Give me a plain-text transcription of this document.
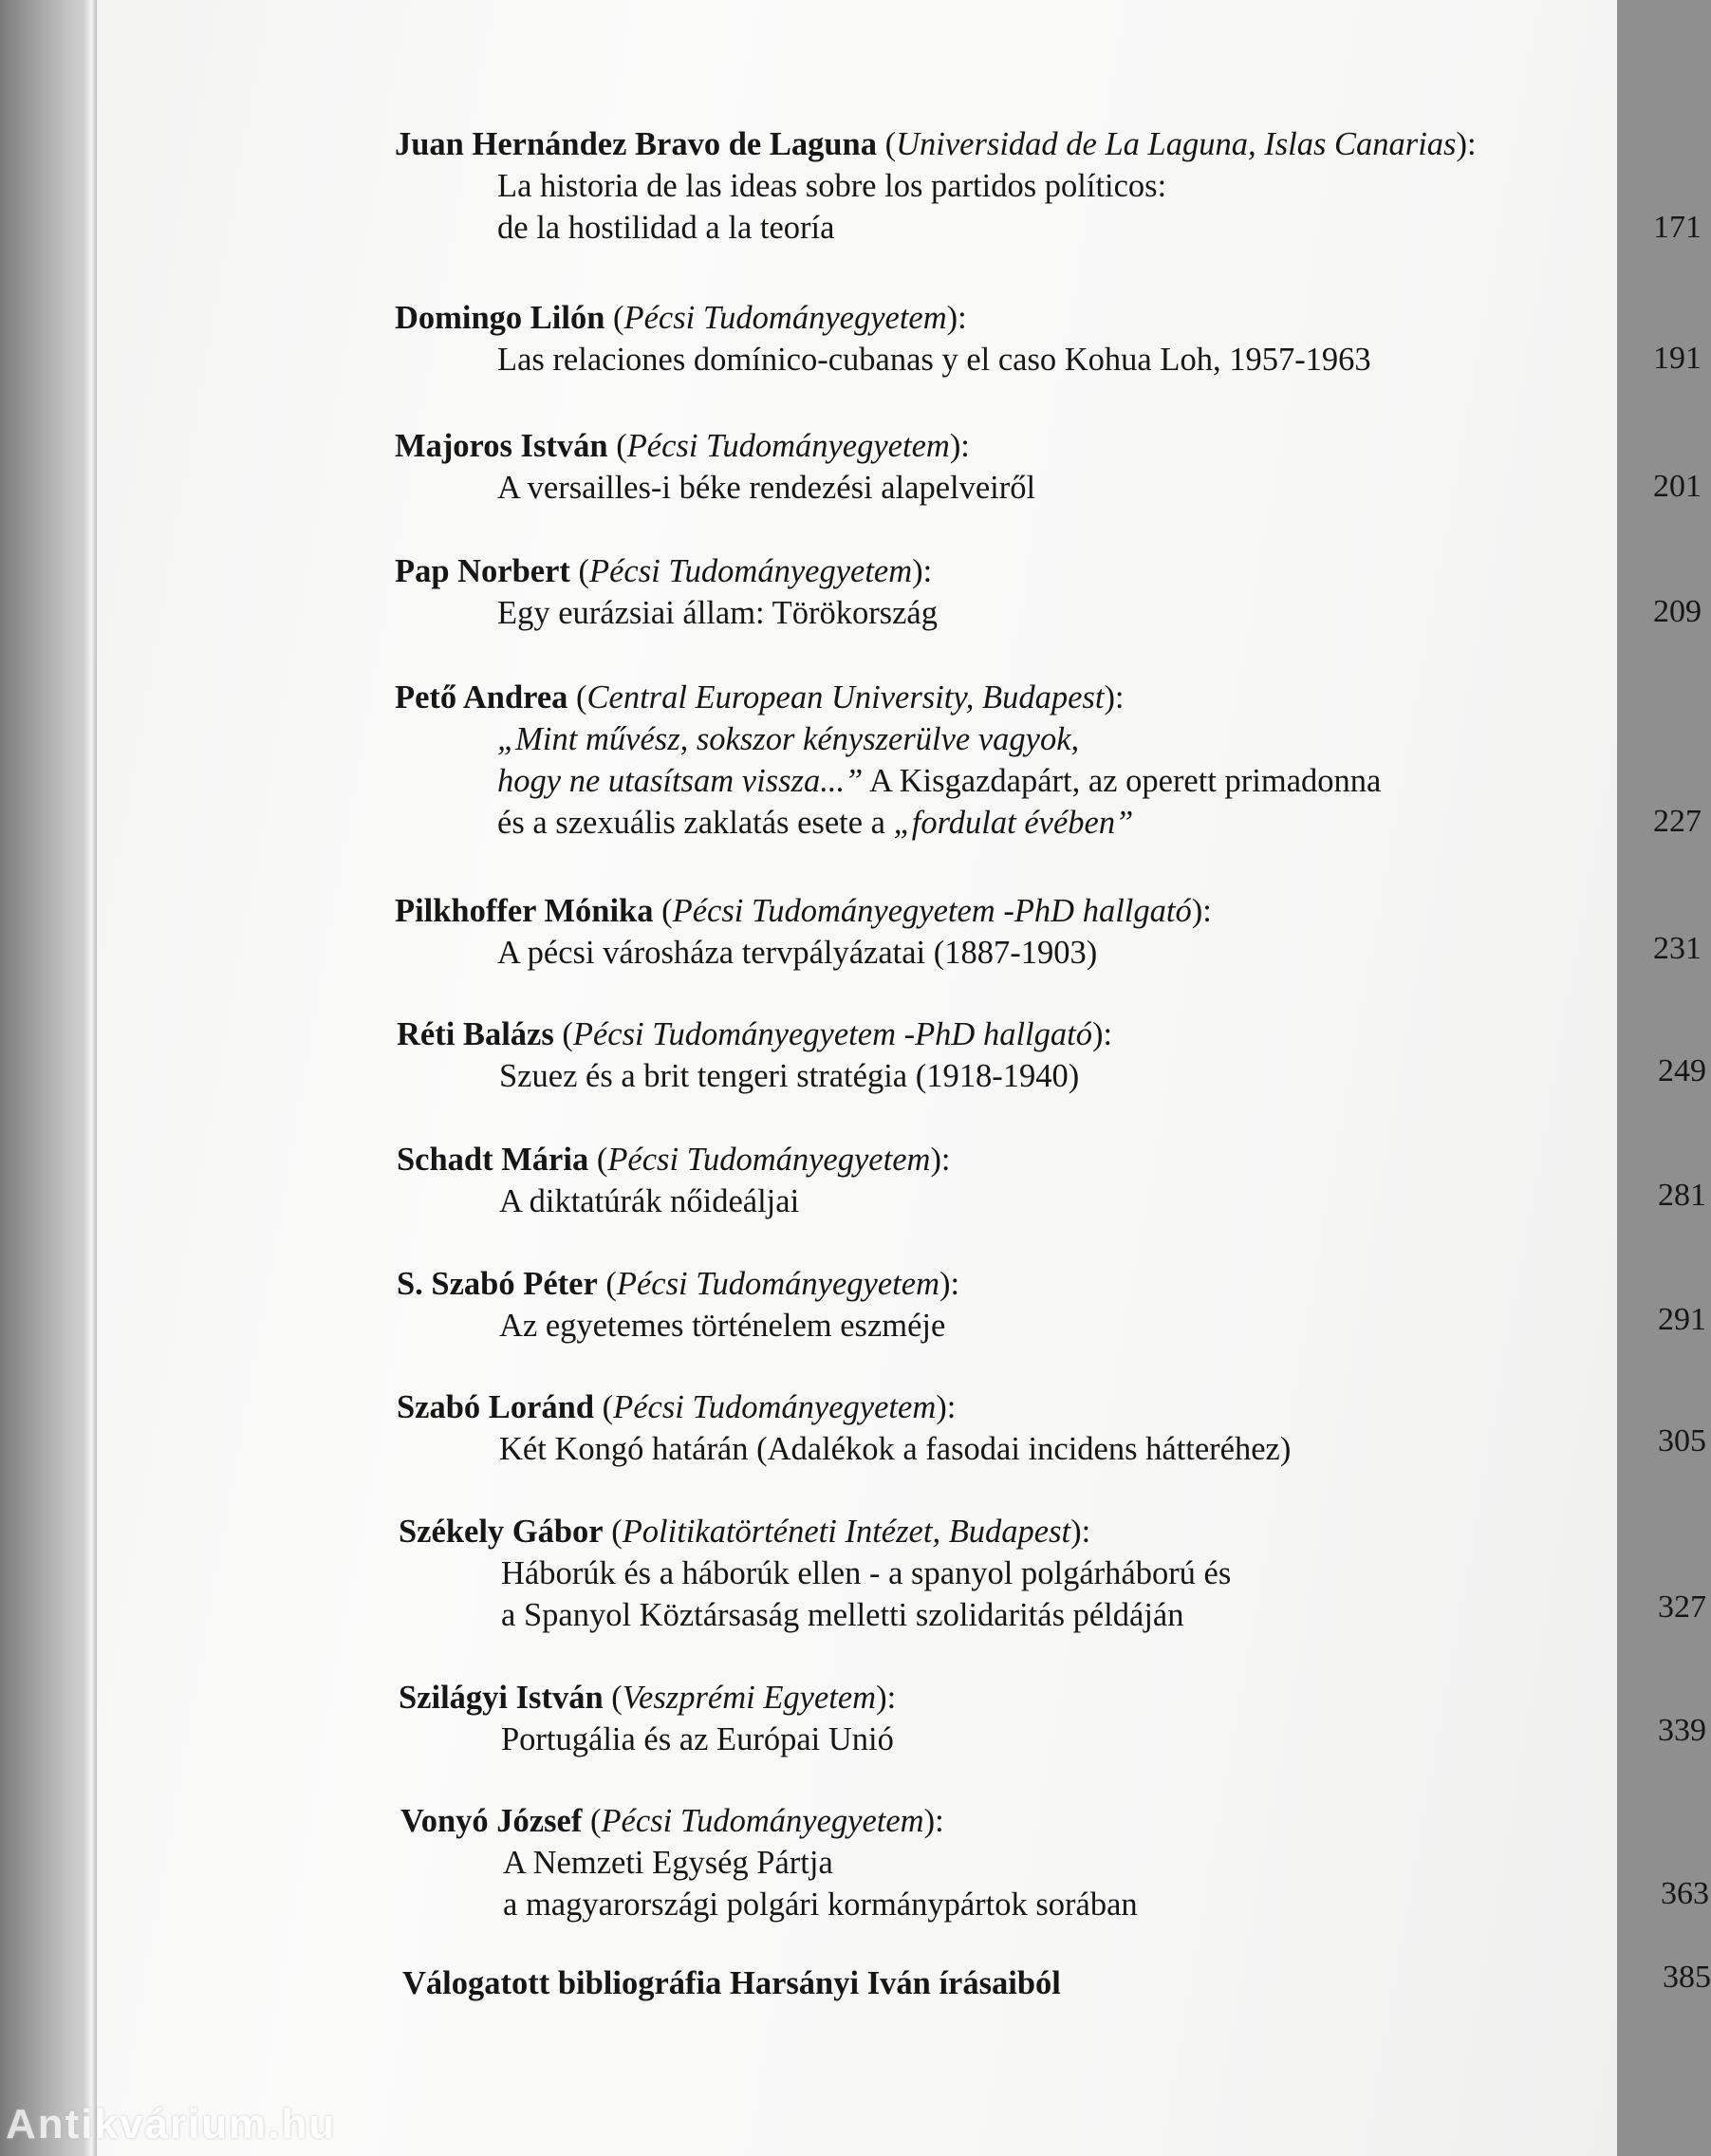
Juan Hernández Bravo de Laguna (Universidad de La Laguna, Islas Canarias):
La historia de las ideas sobre los partidos políticos:
de la hostilidad a la teoría	171
Domingo Lilón (Pécsi Tudományegyetem):
Las relaciones domínico-cubanas y el caso Kohua Loh, 1957-1963	191
Majoros István (Pécsi Tudományegyetem):
A versailles-i béke rendezési alapelveiről	201
Pap Norbert (Pécsi Tudományegyetem):
Egy eurázsiai állam: Törökország	209
Pető Andrea (Central European University, Budapest):
„Mint művész, sokszor kényszerülve vagyok,
hogy ne utasítsam vissza...” A Kisgazdapárt, az operett primadonna
és a szexuális zaklatás esete a „fordulat évében”	227
Pilkhoffer Mónika (Pécsi Tudományegyetem -PhD hallgató):
A pécsi városháza tervpályázatai (1887-1903)	231
Réti Balázs (Pécsi Tudományegyetem -PhD hallgató):
Szuez és a brit tengeri stratégia (1918-1940)	249
Schadt Mária (Pécsi Tudományegyetem):
A diktatúrák nőideáljai	281
S. Szabó Péter (Pécsi Tudományegyetem):
Az egyetemes történelem eszméje	291
Szabó Loránd (Pécsi Tudományegyetem):
Két Kongó határán (Adalékok a fasodai incidens hátteréhez)	305
Székely Gábor (Politikatörténeti Intézet, Budapest):
Háborúk és a háborúk ellen - a spanyol polgárháború és
a Spanyol Köztársaság melletti szolidaritás példáján	327
Szilágyi István (Veszprémi Egyetem):
Portugália és az Európai Unió	339
Vonyó József (Pécsi Tudományegyetem):
A Nemzeti Egység Pártja
a magyarországi polgári kormánypártok sorában	363
Válogatott bibliográfia Harsányi Iván írásaiból	385
Antikvárium.hu
